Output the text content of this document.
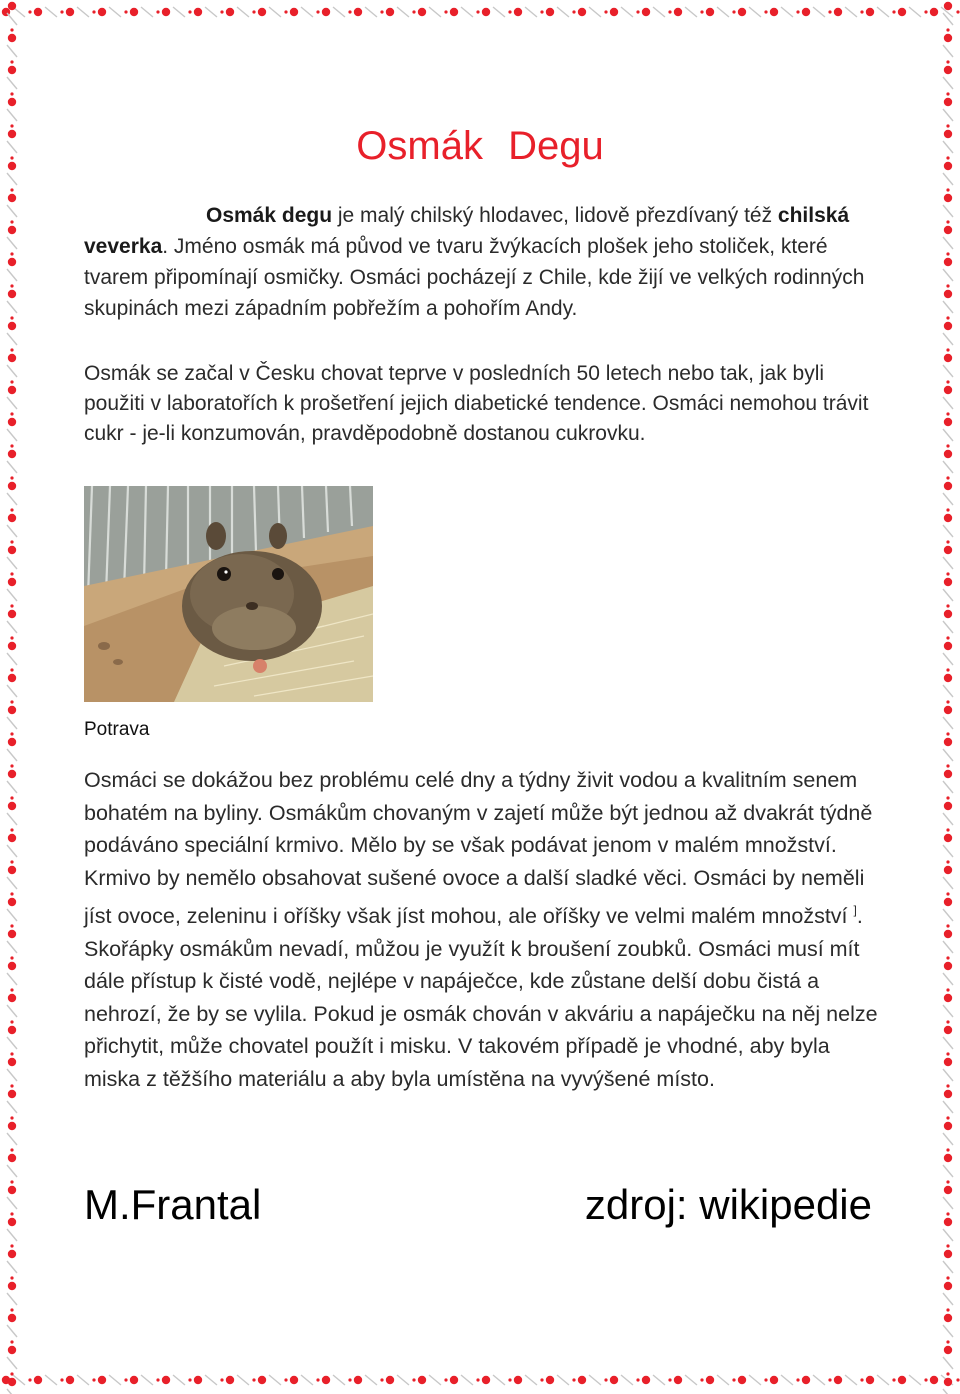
Osmák Degu
Osmák degu je malý chilský hlodavec, lidově přezdívaný též chilská veverka. Jméno osmák má původ ve tvaru žvýkacích plošek jeho stoliček, které tvarem připomínají osmičky. Osmáci pocházejí z Chile, kde žijí ve velkých rodinných skupinách mezi západním pobřežím a pohořím Andy.
Osmák se začal v Česku chovat teprve v posledních 50 letech nebo tak, jak byli použiti v laboratořích k prošetření jejich diabetické tendence. Osmáci nemohou trávit cukr - je-li konzumován, pravděpodobně dostanou cukrovku.
Potrava
Osmáci se dokážou bez problému celé dny a týdny živit vodou a kvalitním senem bohatém na byliny. Osmákům chovaným v zajetí může být jednou až dvakrát týdně podáváno speciální krmivo. Mělo by se však podávat jenom v malém množství. Krmivo by nemělo obsahovat sušené ovoce a další sladké věci. Osmáci by neměli jíst ovoce, zeleninu i oříšky však jíst mohou, ale oříšky ve velmi malém množství ]. Skořápky osmákům nevadí, můžou je využít k broušení zoubků. Osmáci musí mít dále přístup k čisté vodě, nejlépe v napáječce, kde zůstane delší dobu čistá a nehrozí, že by se vylila. Pokud je osmák chován v akváriu a napáječku na něj nelze přichytit, může chovatel použít i misku. V takovém případě je vhodné, aby byla miska z těžšího materiálu a aby byla umístěna na vyvýšené místo.
M.Frantal	zdroj: wikipedie
